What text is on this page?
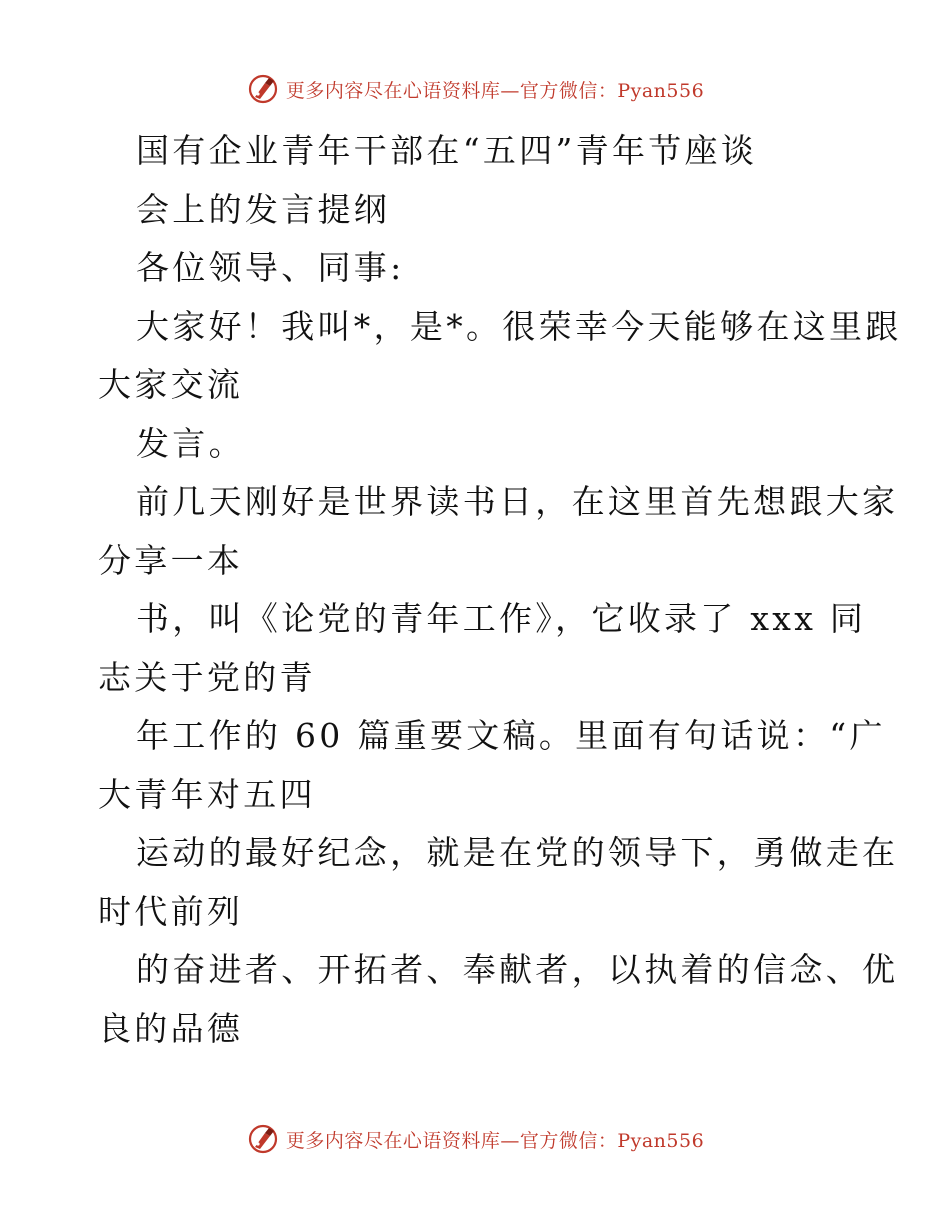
更多内容尽在心语资料库—官方微信：Pyan556
国有企业青年干部在“五四”青年节座谈
会上的发言提纲
各位领导、同事:
大家好！我叫*，是*。很荣幸今天能够在这里跟
大家交流
发言。
前几天刚好是世界读书日，在这里首先想跟大家
分享一本
书，叫《论党的青年工作》，它收录了 xxx 同
志关于党的青
年工作的 60 篇重要文稿。里面有句话说：“广
大青年对五四
运动的最好纪念，就是在党的领导下，勇做走在
时代前列
的奋进者、开拓者、奉献者，以执着的信念、优
良的品德
更多内容尽在心语资料库—官方微信：Pyan556
